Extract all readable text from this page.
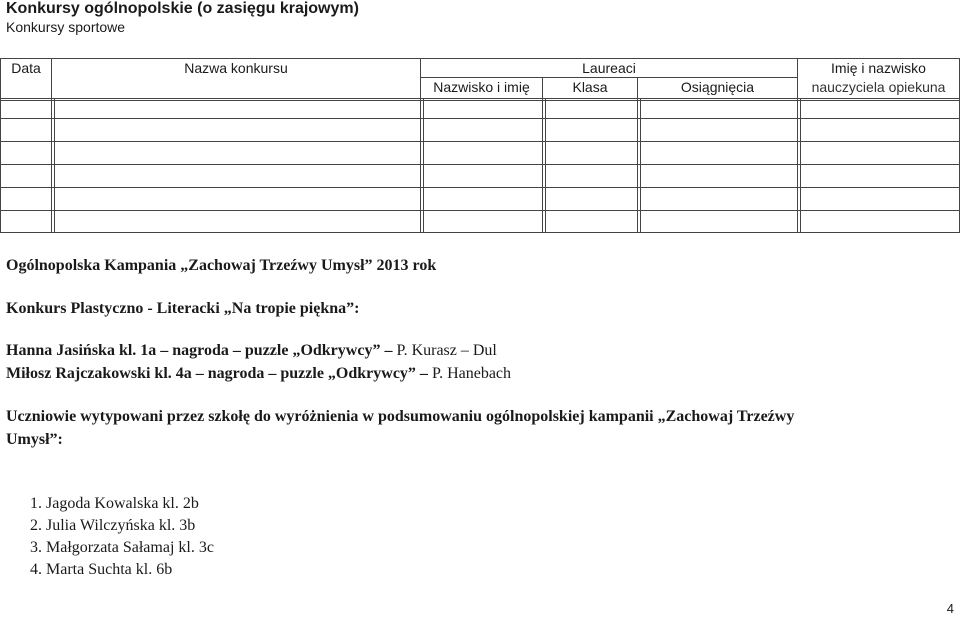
Konkursy ogólnopolskie (o zasięgu krajowym)
Konkursy sportowe
Data	Nazwa konkursu	Laureaci
Nazwisko i imię	Klasa	Osiągnięcia
Imię i nazwisko
nauczyciela opiekuna
Ogólnopolska Kampania „Zachowaj Trzeźwy Umysł” 2013 rok
Konkurs Plastyczno - Literacki „Na tropie piękna”:
Hanna Jasińska kl. 1a – nagroda – puzzle „Odkrywcy” – P. Kurasz – Dul
Miłosz Rajczakowski kl. 4a – nagroda – puzzle „Odkrywcy” – P. Hanebach
Uczniowie wytypowani przez szkołę do wyróżnienia w podsumowaniu ogólnopolskiej kampanii „Zachowaj Trzeźwy
Umysł”:
1. Jagoda Kowalska kl. 2b
2. Julia Wilczyńska kl. 3b
3. Małgorzata Sałamaj kl. 3c
4. Marta Suchta kl. 6b
4
